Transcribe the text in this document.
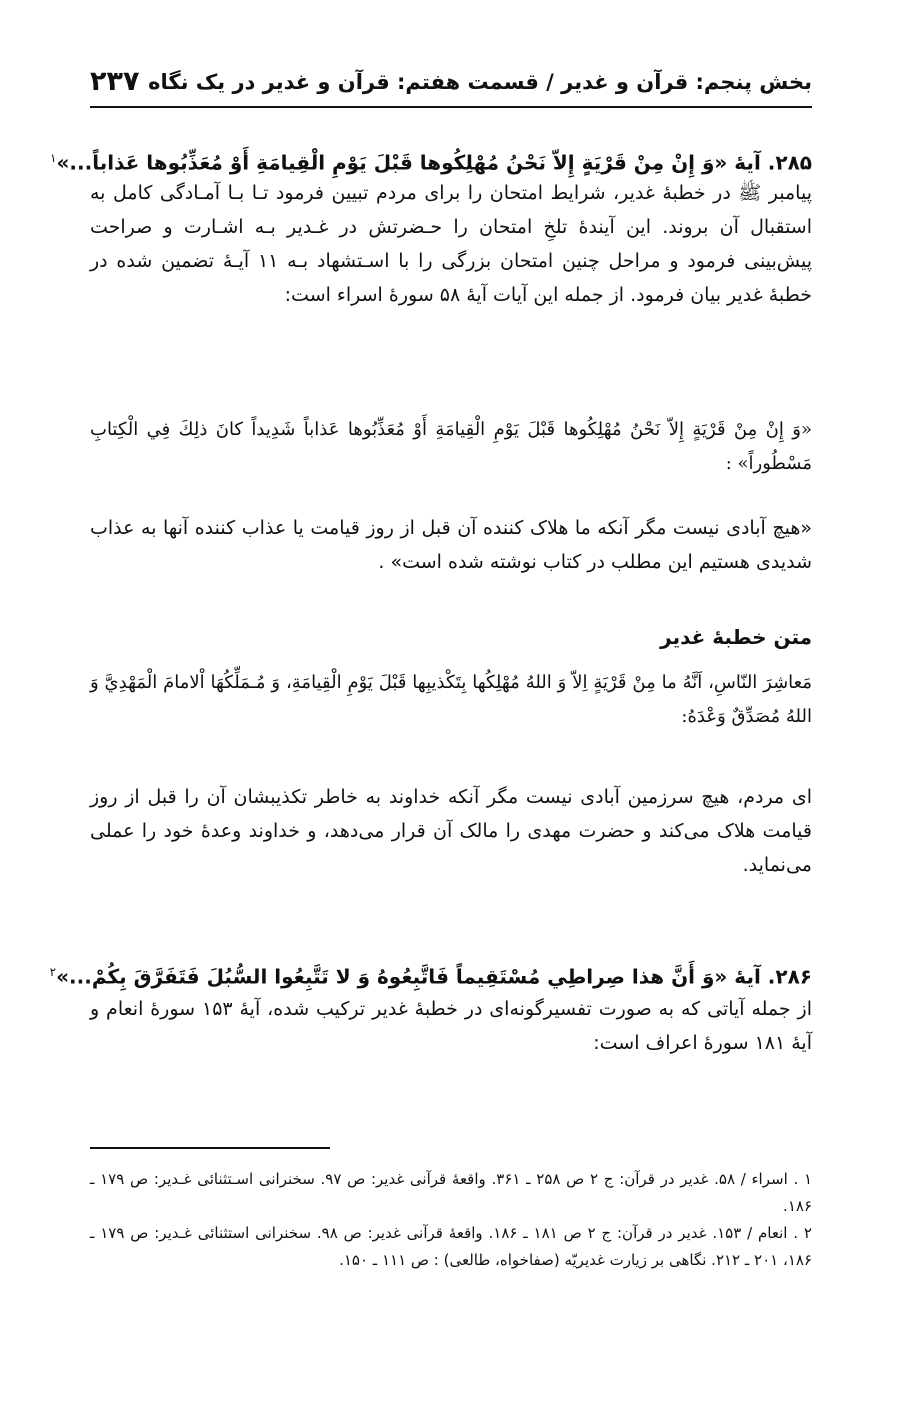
بخش پنجم: قرآن و غدیر / قسمت هفتم: قرآن و غدیر در یک نگاه
۲۳۷
۲۸۵. آیهٔ «وَ إِنْ مِنْ قَرْيَةٍ إِلاّ نَحْنُ مُهْلِكُوها قَبْلَ يَوْمِ الْقِيامَةِ أَوْ مُعَذِّبُوها عَذاباً...»$^۱$

پیامبر ﷺ در خطبهٔ غدیر، شرایط امتحان را برای مردم تبیین فرمود تـا بـا آمـادگی کامل به استقبال آن بروند. این آیندهٔ تلخِ امتحان را حـضرتش در غـدیر بـه اشـارت و صراحت پیش‌بینی فرمود و مراحل چنین امتحان بزرگی را با اسـتشهاد بـه ۱۱ آیـهٔ تضمین شده در خطبهٔ غدیر بیان فرمود. از جمله این آیات آیهٔ ۵۸ سورهٔ اسراء است:

«وَ إِنْ مِنْ قَرْيَةٍ إِلاّ نَحْنُ مُهْلِكُوها قَبْلَ يَوْمِ الْقِيامَةِ أَوْ مُعَذِّبُوها عَذاباً شَدِيداً كانَ ذلِكَ فِي الْكِتابِ مَسْطُوراً» :

«هیچ آبادی نیست مگر آنکه ما هلاک کننده آن قبل از روز قیامت یا عذاب کننده آنها به عذاب شدیدی هستیم این مطلب در کتاب نوشته شده است» .

متن خطبهٔ غدیر

مَعاشِرَ النّاسِ، اَنَّهُ ما مِنْ قَرْيَةٍ اِلاّ وَ اللهُ مُهْلِكُها بِتَكْذيبِها قَبْلَ يَوْمِ الْقِيامَةِ، وَ مُـمَلِّكُهَا اْلامامَ الْمَهْدِيَّ وَ اللهُ مُصَدِّقٌ وَعْدَهُ:

ای مردم، هیچ سرزمین آبادی نیست مگر آنکه خداوند به خاطر تکذیبشان آن را قبل از روز قیامت هلاک می‌کند و حضرت مهدی را مالک آن قرار می‌دهد، و خداوند وعدهٔ خود را عملی می‌نماید.

۲۸۶. آیهٔ «وَ أَنَّ هذا صِراطِي مُسْتَقِيماً فَاتَّبِعُوهُ وَ لا تَتَّبِعُوا السُّبُلَ فَتَفَرَّقَ بِكُمْ...»$^۲$

از جمله آیاتی که به صورت تفسیرگونه‌ای در خطبهٔ غدیر ترکیب شده، آیهٔ ۱۵۳ سورهٔ انعام و آیهٔ ۱۸۱ سورهٔ اعراف است:

۱ . اسراء / ۵۸. غدیر در قرآن: ج ۲ ص ۲۵۸ ـ ۳۶۱. واقعهٔ قرآنی غدیر: ص ۹۷. سخنرانی اسـتثنائی غـدیر: ص ۱۷۹ ـ ۱۸۶.

۲ . انعام / ۱۵۳. غدیر در قرآن: ج ۲ ص ۱۸۱ ـ ۱۸۶. واقعهٔ قرآنی غدیر: ص ۹۸. سخنرانی استثنائی غـدیر: ص ۱۷۹ ـ ۱۸۶، ۲۰۱ ـ ۲۱۲. نگاهی بر زیارت غدیریّه (صفاخواه، طالعی) : ص ۱۱۱ ـ ۱۵۰.
